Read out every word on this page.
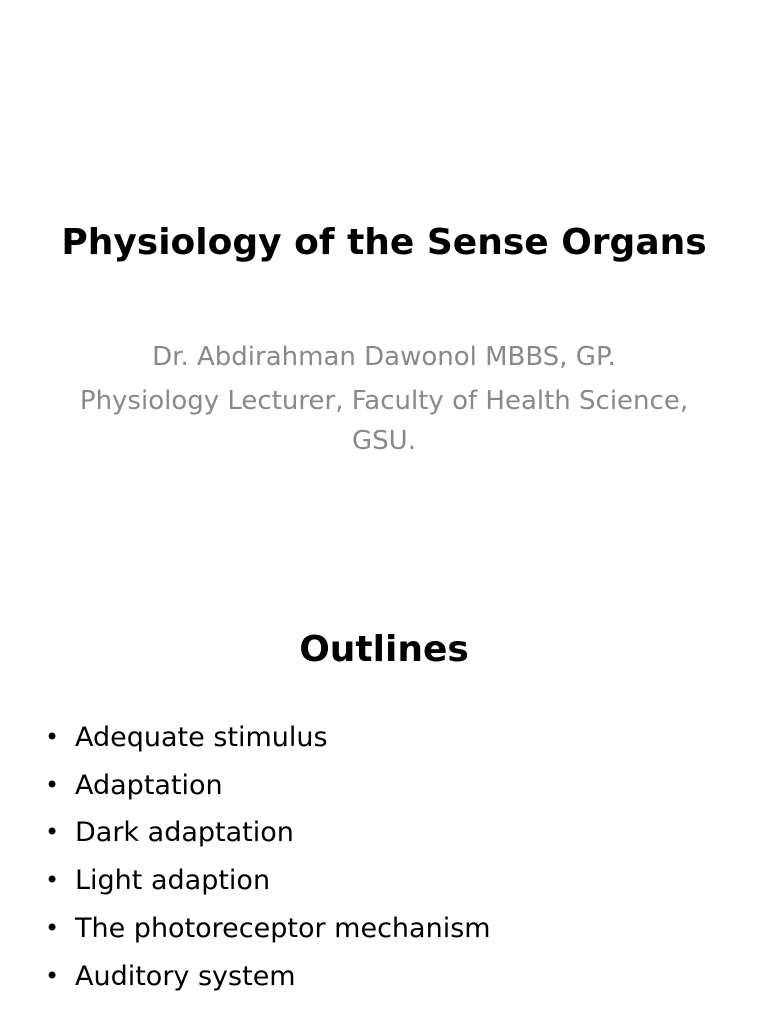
Physiology of the Sense Organs
Dr. Abdirahman Dawonol MBBS, GP.
Physiology Lecturer, Faculty of Health Science,
GSU.
Outlines
• Adequate stimulus
• Adaptation
• Dark adaptation
• Light adaption
• The photoreceptor mechanism
• Auditory system
